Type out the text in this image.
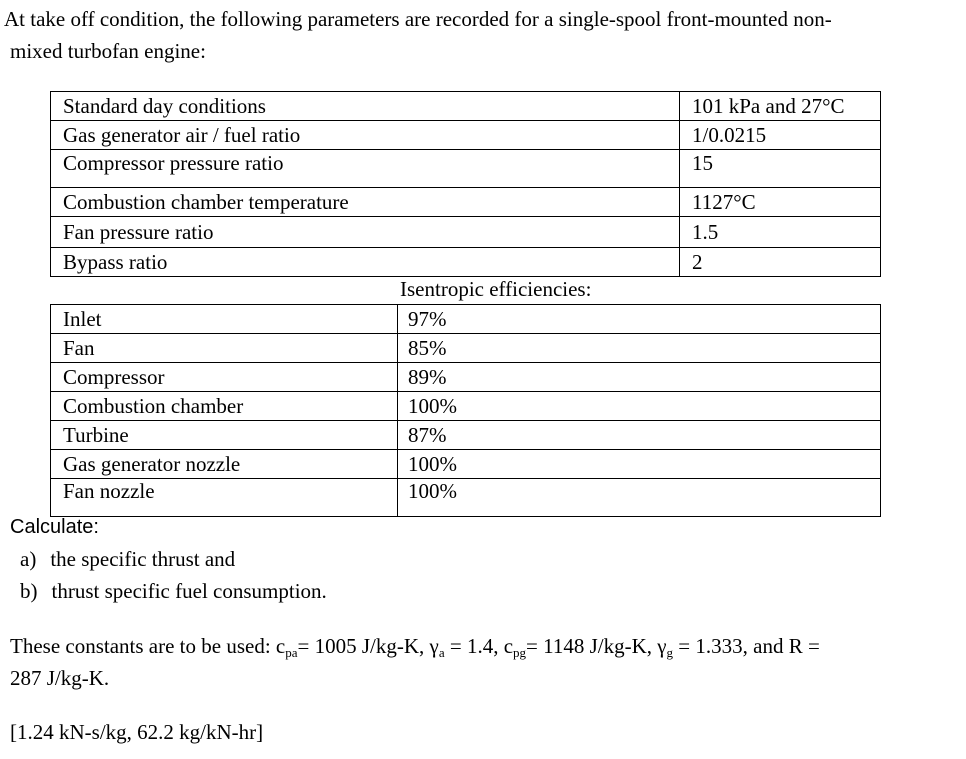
At take off condition, the following parameters are recorded for a single-spool front-mounted non-
mixed turbofan engine:
Standard day conditions	101 kPa and 27°C
Gas generator air / fuel ratio	1/0.0215
Compressor pressure ratio	15
Combustion chamber temperature	1127°C
Fan pressure ratio	1.5
Bypass ratio	2
Isentropic efficiencies:
Inlet	97%
Fan	85%
Compressor	89%
Combustion chamber	100%
Turbine	87%
Gas generator nozzle	100%
Fan nozzle	100%
Calculate:
a) the specific thrust and
b) thrust specific fuel consumption.
These constants are to be used: $c_{pa}= 1005$ J/kg-K, $\gamma_a = 1.4$, $c_{pg}= 1148$ J/kg-K, $\gamma_g = 1.333$, and R =
287 J/kg-K.
[1.24 kN-s/kg, 62.2 kg/kN-hr]
